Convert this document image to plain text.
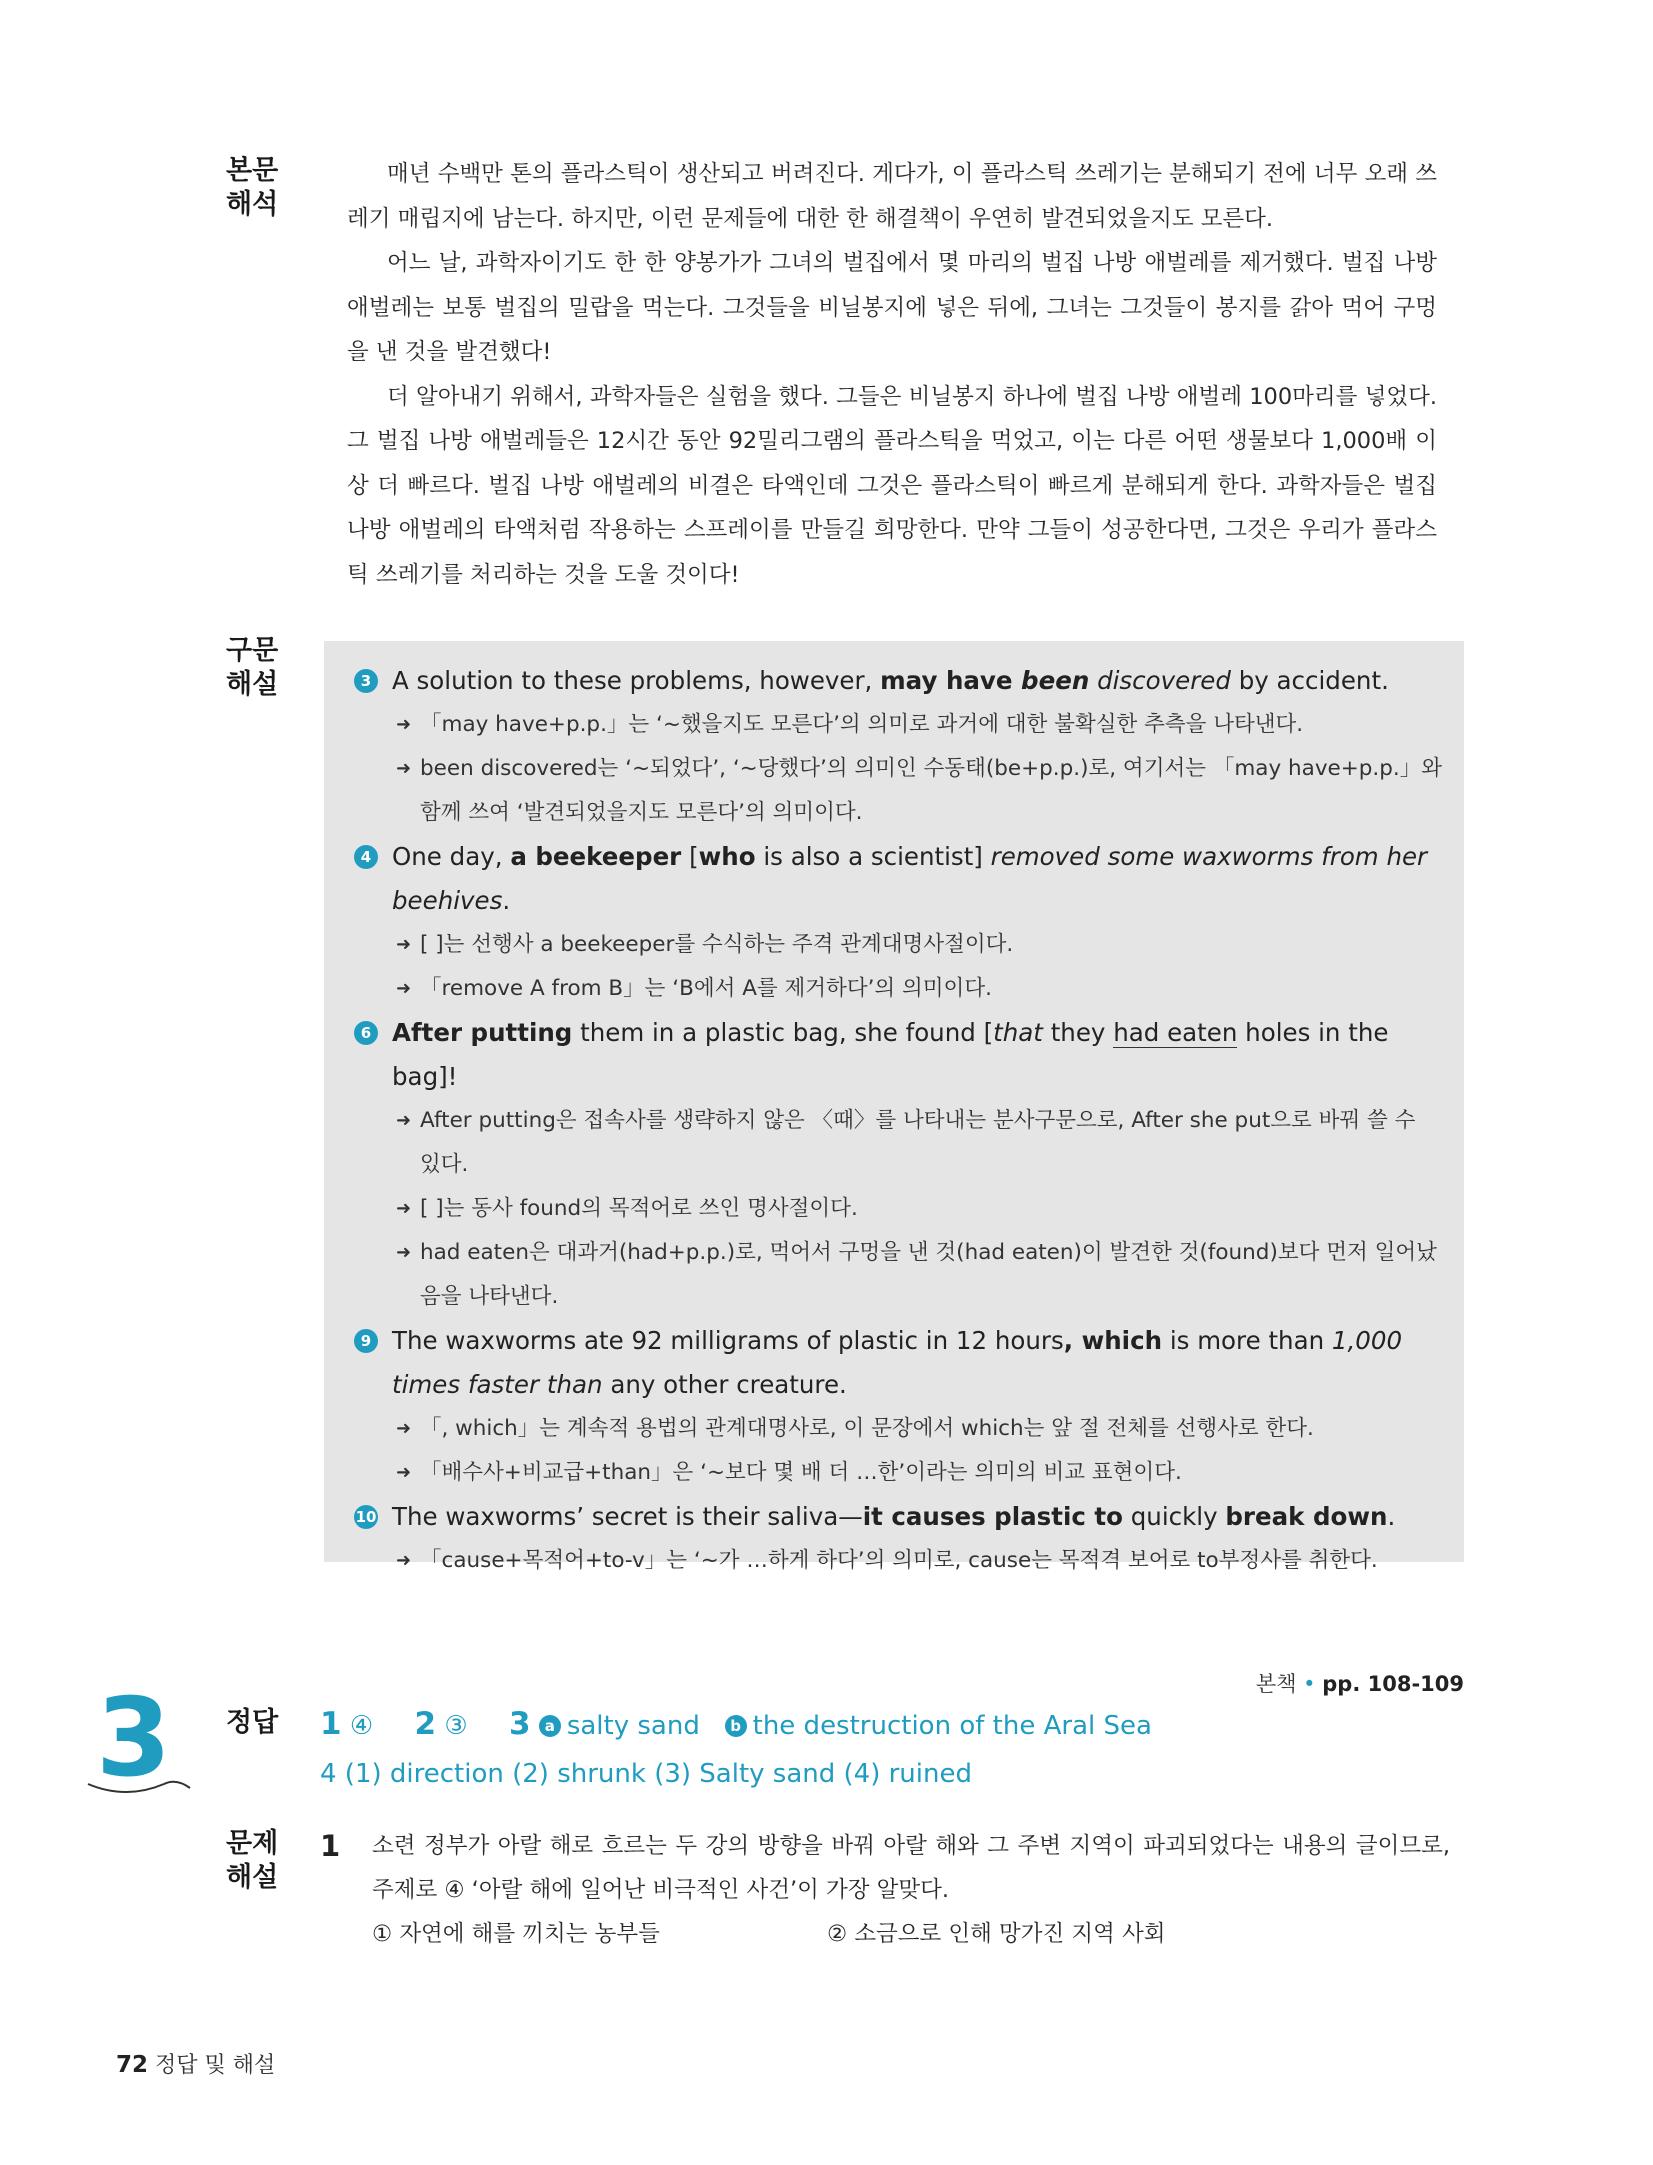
본문
해석

매년 수백만 톤의 플라스틱이 생산되고 버려진다. 게다가, 이 플라스틱 쓰레기는 분해되기 전에 너무 오래 쓰레기 매립지에 남는다. 하지만, 이런 문제들에 대한 한 해결책이 우연히 발견되었을지도 모른다.

어느 날, 과학자이기도 한 한 양봉가가 그녀의 벌집에서 몇 마리의 벌집 나방 애벌레를 제거했다. 벌집 나방 애벌레는 보통 벌집의 밀랍을 먹는다. 그것들을 비닐봉지에 넣은 뒤에, 그녀는 그것들이 봉지를 갉아 먹어 구멍을 낸 것을 발견했다!

더 알아내기 위해서, 과학자들은 실험을 했다. 그들은 비닐봉지 하나에 벌집 나방 애벌레 100마리를 넣었다. 그 벌집 나방 애벌레들은 12시간 동안 92밀리그램의 플라스틱을 먹었고, 이는 다른 어떤 생물보다 1,000배 이상 더 빠르다. 벌집 나방 애벌레의 비결은 타액인데 그것은 플라스틱이 빠르게 분해되게 한다. 과학자들은 벌집 나방 애벌레의 타액처럼 작용하는 스프레이를 만들길 희망한다. 만약 그들이 성공한다면, 그것은 우리가 플라스틱 쓰레기를 처리하는 것을 도울 것이다!

구문
해설	3 A solution to these problems, however, may have been discovered by accident.
➜ 「may have+p.p.」는 ‘~했을지도 모른다’의 의미로 과거에 대한 불확실한 추측을 나타낸다.
➜ been discovered는 ‘~되었다’, ‘~당했다’의 의미인 수동태(be+p.p.)로, 여기서는 「may have+p.p.」와 함께 쓰여 ‘발견되었을지도 모른다’의 의미이다.
4 One day, a beekeeper [who is also a scientist] removed some waxworms from her beehives.
➜ [ ]는 선행사 a beekeeper를 수식하는 주격 관계대명사절이다.
➜ 「remove A from B」는 ‘B에서 A를 제거하다’의 의미이다.
6 After putting them in a plastic bag, she found [that they had eaten holes in the bag]!
➜ After putting은 접속사를 생략하지 않은 〈때〉를 나타내는 분사구문으로, After she put으로 바꿔 쓸 수 있다.
➜ [ ]는 동사 found의 목적어로 쓰인 명사절이다.
➜ had eaten은 대과거(had+p.p.)로, 먹어서 구멍을 낸 것(had eaten)이 발견한 것(found)보다 먼저 일어났음을 나타낸다.
9 The waxworms ate 92 milligrams of plastic in 12 hours, which is more than 1,000 times faster than any other creature.
➜ 「, which」는 계속적 용법의 관계대명사로, 이 문장에서 which는 앞 절 전체를 선행사로 한다.
➜ 「배수사+비교급+than」은 ‘~보다 몇 배 더 …한’이라는 의미의 비교 표현이다.
10 The waxworms’ secret is their saliva—it causes plastic to quickly break down.
➜ 「cause+목적어+to-v」는 ‘~가 …하게 하다’의 의미로, cause는 목적격 보어로 to부정사를 취한다.
3	본책 • pp. 108-109
정답 1 ④ 2 ③ 3 a salty sand b the destruction of the Aral Sea
4 (1) direction (2) shrunk (3) Salty sand (4) ruined
문제
해설
1	소련 정부가 아랄 해로 흐르는 두 강의 방향을 바꿔 아랄 해와 그 주변 지역이 파괴되었다는 내용의 글이므로, 주제로 ④ ‘아랄 해에 일어난 비극적인 사건’이 가장 알맞다.
① 자연에 해를 끼치는 농부들	② 소금으로 인해 망가진 지역 사회
72 정답 및 해설
